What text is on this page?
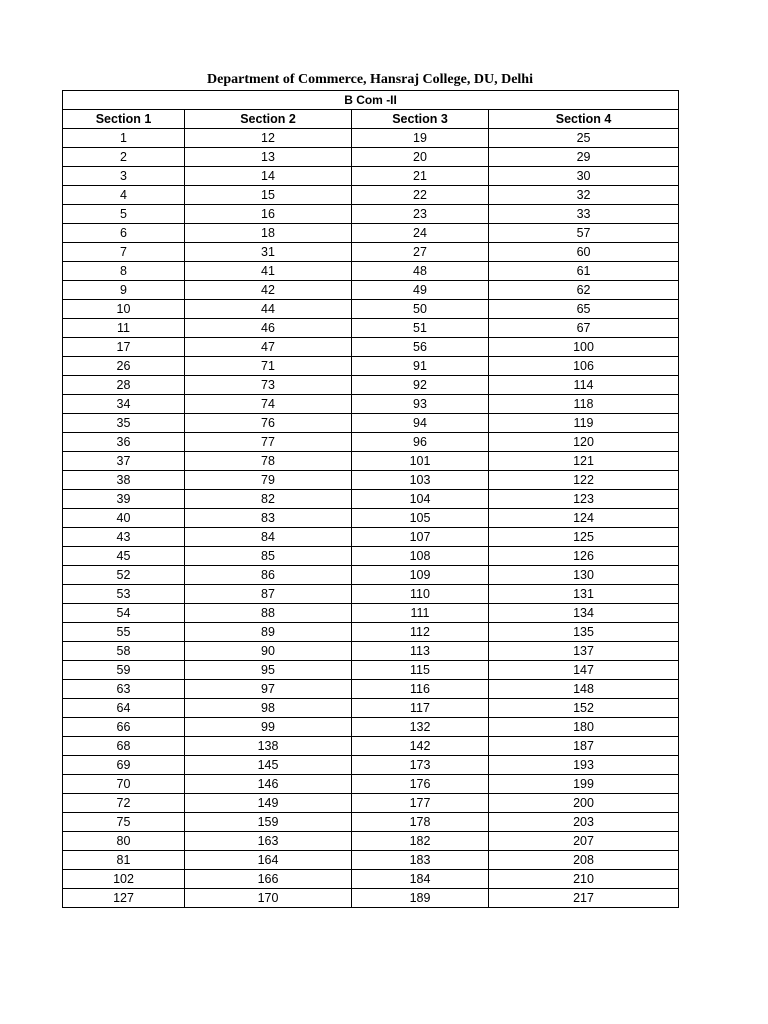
Department of Commerce, Hansraj College, DU, Delhi
B Com -II			
Section 1	Section 2	Section 3	Section 4
1	12	19	25
2	13	20	29
3	14	21	30
4	15	22	32
5	16	23	33
6	18	24	57
7	31	27	60
8	41	48	61
9	42	49	62
10	44	50	65
11	46	51	67
17	47	56	100
26	71	91	106
28	73	92	114
34	74	93	118
35	76	94	119
36	77	96	120
37	78	101	121
38	79	103	122
39	82	104	123
40	83	105	124
43	84	107	125
45	85	108	126
52	86	109	130
53	87	110	131
54	88	111	134
55	89	112	135
58	90	113	137
59	95	115	147
63	97	116	148
64	98	117	152
66	99	132	180
68	138	142	187
69	145	173	193
70	146	176	199
72	149	177	200
75	159	178	203
80	163	182	207
81	164	183	208
102	166	184	210
127	170	189	217
